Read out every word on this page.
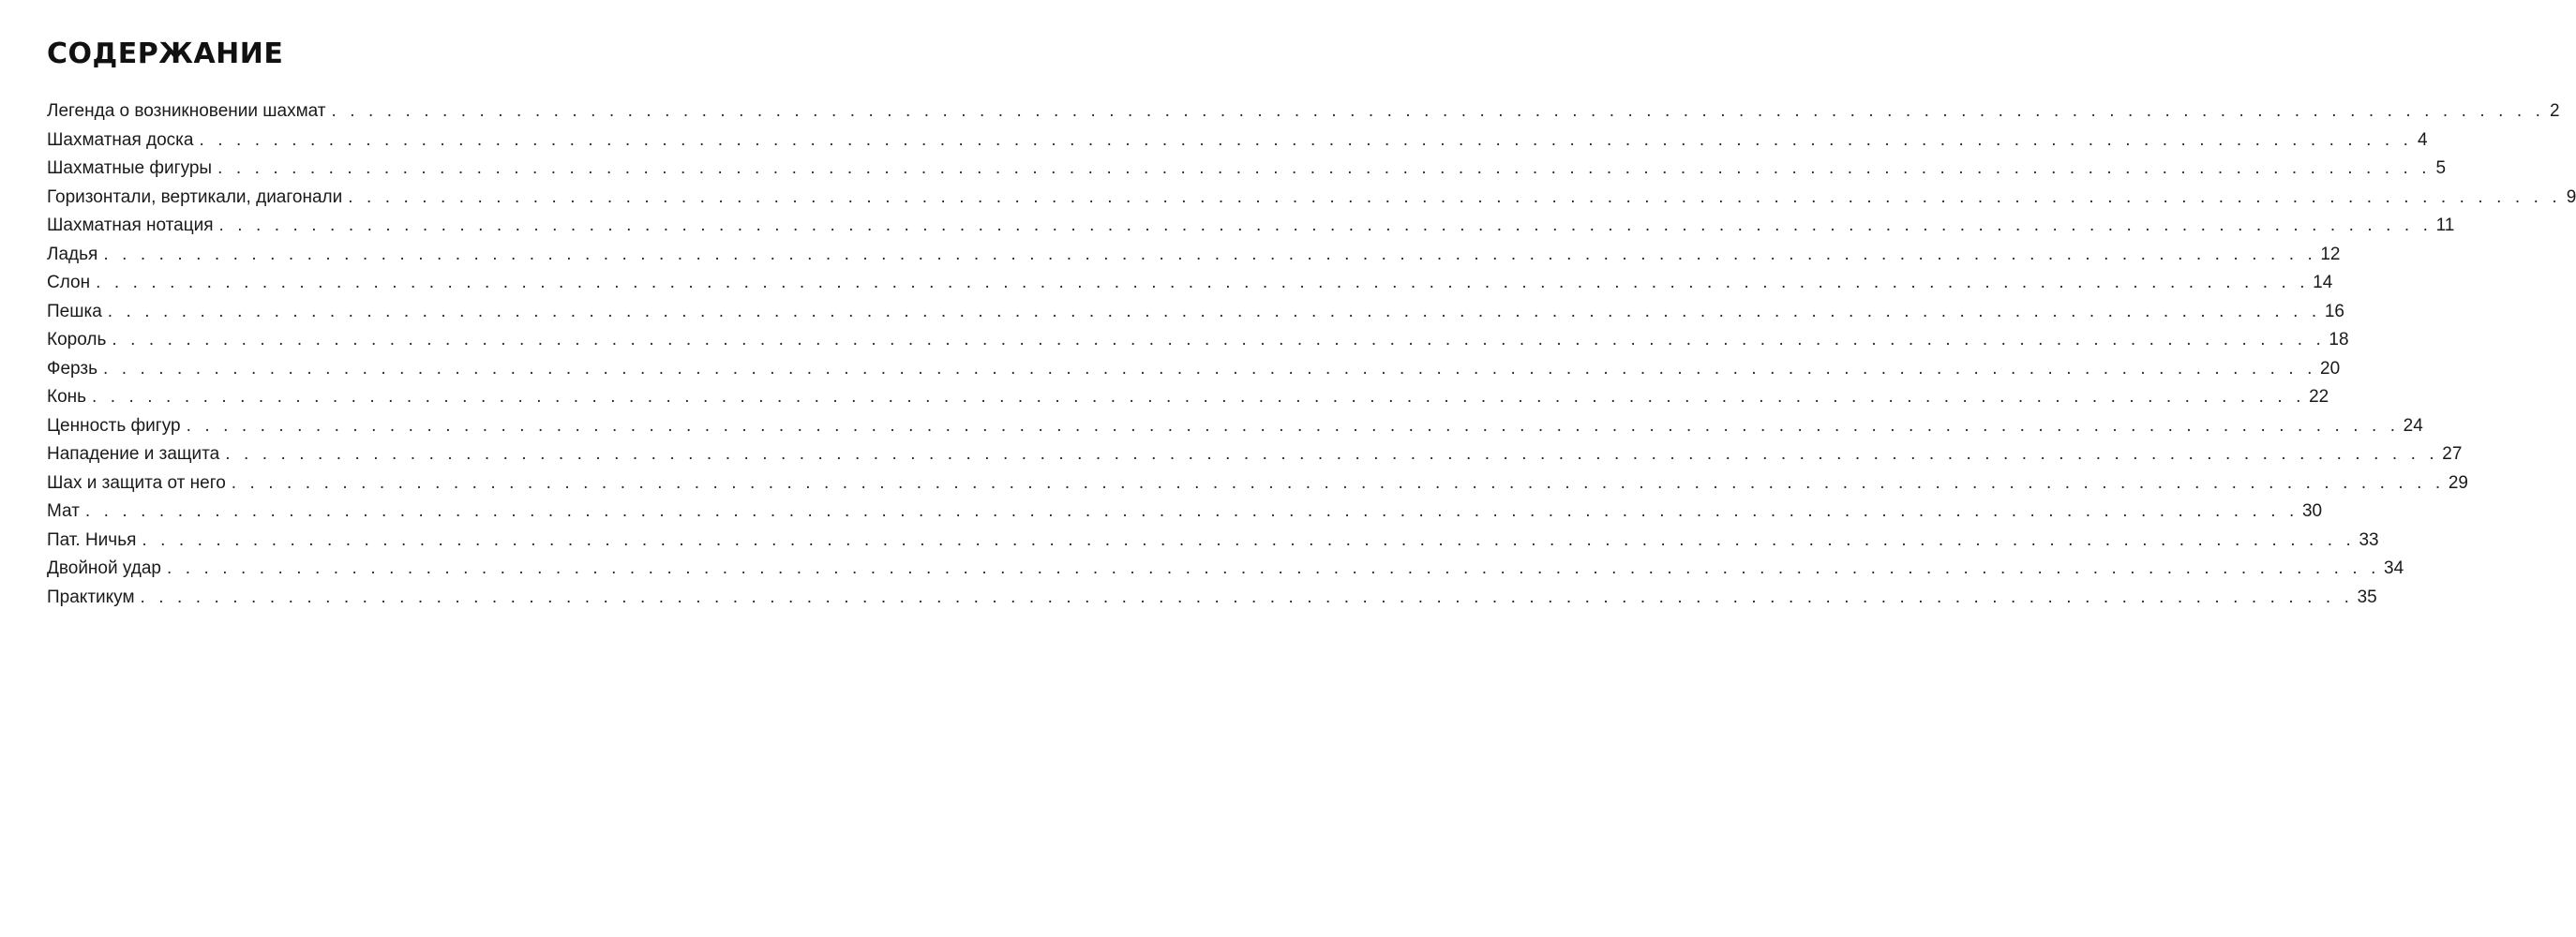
СОДЕРЖАНИЕ
Легенда о возникновении шахмат . . . . . . . . . . . . . . . . . . . . . . . . . . . . . . . . . . . . . . . . . . . . . . . . . . . . . . . . . . . . . . . . . . . . . . . . . . . . . . . . . . . . . . . . . . . . . . . . . . . . . . . . . . . . . . . . . . . . . . . . 2
Шахматная доска . . . . . . . . . . . . . . . . . . . . . . . . . . . . . . . . . . . . . . . . . . . . . . . . . . . . . . . . . . . . . . . . . . . . . . . . . . . . . . . . . . . . . . . . . . . . . . . . . . . . . . . . . . . . . . . . . . . . . . . . 4
Шахматные фигуры . . . . . . . . . . . . . . . . . . . . . . . . . . . . . . . . . . . . . . . . . . . . . . . . . . . . . . . . . . . . . . . . . . . . . . . . . . . . . . . . . . . . . . . . . . . . . . . . . . . . . . . . . . . . . . . . . . . . . . . . 5
Горизонтали, вертикали, диагонали . . . . . . . . . . . . . . . . . . . . . . . . . . . . . . . . . . . . . . . . . . . . . . . . . . . . . . . . . . . . . . . . . . . . . . . . . . . . . . . . . . . . . . . . . . . . . . . . . . . . . . . . . . . . . . . . . . . . . . . . 9
Шахматная нотация . . . . . . . . . . . . . . . . . . . . . . . . . . . . . . . . . . . . . . . . . . . . . . . . . . . . . . . . . . . . . . . . . . . . . . . . . . . . . . . . . . . . . . . . . . . . . . . . . . . . . . . . . . . . . . . . . . . . . . . . 11
Ладья . . . . . . . . . . . . . . . . . . . . . . . . . . . . . . . . . . . . . . . . . . . . . . . . . . . . . . . . . . . . . . . . . . . . . . . . . . . . . . . . . . . . . . . . . . . . . . . . . . . . . . . . . . . . . . . . . . . . . . . . 12
Слон . . . . . . . . . . . . . . . . . . . . . . . . . . . . . . . . . . . . . . . . . . . . . . . . . . . . . . . . . . . . . . . . . . . . . . . . . . . . . . . . . . . . . . . . . . . . . . . . . . . . . . . . . . . . . . . . . . . . . . . . 14
Пешка . . . . . . . . . . . . . . . . . . . . . . . . . . . . . . . . . . . . . . . . . . . . . . . . . . . . . . . . . . . . . . . . . . . . . . . . . . . . . . . . . . . . . . . . . . . . . . . . . . . . . . . . . . . . . . . . . . . . . . . . 16
Король . . . . . . . . . . . . . . . . . . . . . . . . . . . . . . . . . . . . . . . . . . . . . . . . . . . . . . . . . . . . . . . . . . . . . . . . . . . . . . . . . . . . . . . . . . . . . . . . . . . . . . . . . . . . . . . . . . . . . . . . 18
Ферзь . . . . . . . . . . . . . . . . . . . . . . . . . . . . . . . . . . . . . . . . . . . . . . . . . . . . . . . . . . . . . . . . . . . . . . . . . . . . . . . . . . . . . . . . . . . . . . . . . . . . . . . . . . . . . . . . . . . . . . . . 20
Конь . . . . . . . . . . . . . . . . . . . . . . . . . . . . . . . . . . . . . . . . . . . . . . . . . . . . . . . . . . . . . . . . . . . . . . . . . . . . . . . . . . . . . . . . . . . . . . . . . . . . . . . . . . . . . . . . . . . . . . . . 22
Ценность фигур . . . . . . . . . . . . . . . . . . . . . . . . . . . . . . . . . . . . . . . . . . . . . . . . . . . . . . . . . . . . . . . . . . . . . . . . . . . . . . . . . . . . . . . . . . . . . . . . . . . . . . . . . . . . . . . . . . . . . . . . 24
Нападение и защита . . . . . . . . . . . . . . . . . . . . . . . . . . . . . . . . . . . . . . . . . . . . . . . . . . . . . . . . . . . . . . . . . . . . . . . . . . . . . . . . . . . . . . . . . . . . . . . . . . . . . . . . . . . . . . . . . . . . . . . . 27
Шах и защита от него . . . . . . . . . . . . . . . . . . . . . . . . . . . . . . . . . . . . . . . . . . . . . . . . . . . . . . . . . . . . . . . . . . . . . . . . . . . . . . . . . . . . . . . . . . . . . . . . . . . . . . . . . . . . . . . . . . . . . . . . 29
Мат . . . . . . . . . . . . . . . . . . . . . . . . . . . . . . . . . . . . . . . . . . . . . . . . . . . . . . . . . . . . . . . . . . . . . . . . . . . . . . . . . . . . . . . . . . . . . . . . . . . . . . . . . . . . . . . . . . . . . . . . 30
Пат. Ничья . . . . . . . . . . . . . . . . . . . . . . . . . . . . . . . . . . . . . . . . . . . . . . . . . . . . . . . . . . . . . . . . . . . . . . . . . . . . . . . . . . . . . . . . . . . . . . . . . . . . . . . . . . . . . . . . . . . . . . . . 33
Двойной удар . . . . . . . . . . . . . . . . . . . . . . . . . . . . . . . . . . . . . . . . . . . . . . . . . . . . . . . . . . . . . . . . . . . . . . . . . . . . . . . . . . . . . . . . . . . . . . . . . . . . . . . . . . . . . . . . . . . . . . . . 34
Практикум . . . . . . . . . . . . . . . . . . . . . . . . . . . . . . . . . . . . . . . . . . . . . . . . . . . . . . . . . . . . . . . . . . . . . . . . . . . . . . . . . . . . . . . . . . . . . . . . . . . . . . . . . . . . . . . . . . . . . . . . 35
